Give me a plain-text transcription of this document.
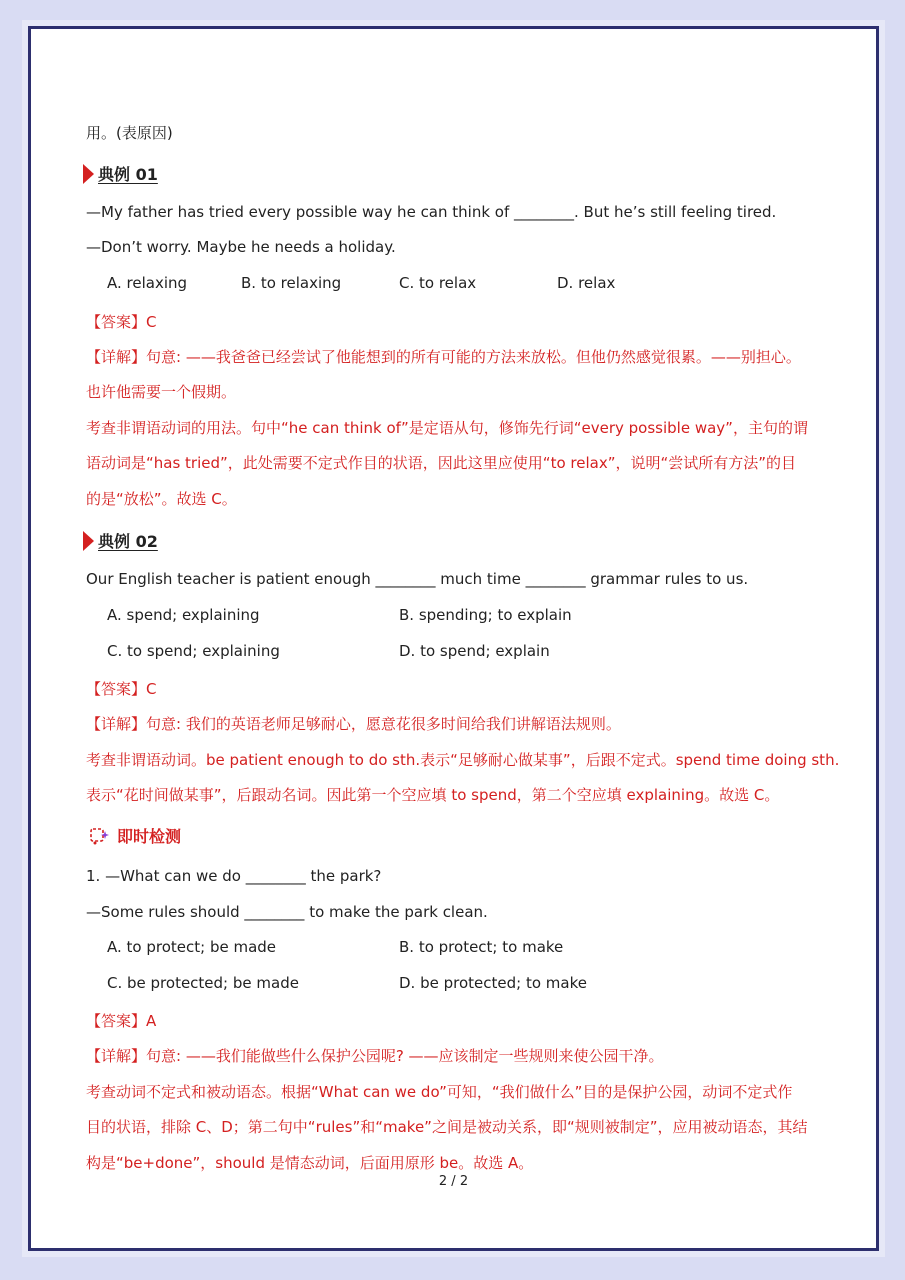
用。(表原因)
典例 01
—My father has tried every possible way he can think of ________. But he’s still feeling tired.
—Don’t worry. Maybe he needs a holiday.
A. relaxing	B. to relaxing	C. to relax	D. relax
【答案】C
【详解】句意: ——我爸爸已经尝试了他能想到的所有可能的方法来放松。但他仍然感觉很累。——别担心。
也许他需要一个假期。
考查非谓语动词的用法。句中“he can think of”是定语从句，修饰先行词“every possible way”，主句的谓
语动词是“has tried”，此处需要不定式作目的状语，因此这里应使用“to relax”，说明“尝试所有方法”的目
的是“放松”。故选 C。
典例 02
Our English teacher is patient enough ________ much time ________ grammar rules to us.
A. spend; explaining	B. spending; to explain
C. to spend; explaining	D. to spend; explain
【答案】C
【详解】句意: 我们的英语老师足够耐心，愿意花很多时间给我们讲解语法规则。
考查非谓语动词。be patient enough to do sth.表示“足够耐心做某事”，后跟不定式。spend time doing sth.
表示“花时间做某事”，后跟动名词。因此第一个空应填 to spend，第二个空应填 explaining。故选 C。
即时检测
1. —What can we do ________ the park?
—Some rules should ________ to make the park clean.
A. to protect; be made	B. to protect; to make
C. be protected; be made	D. be protected; to make
【答案】A
【详解】句意: ——我们能做些什么保护公园呢? ——应该制定一些规则来使公园干净。
考查动词不定式和被动语态。根据“What can we do”可知，“我们做什么”目的是保护公园，动词不定式作
目的状语，排除 C、D；第二句中“rules”和“make”之间是被动关系，即“规则被制定”，应用被动语态，其结
构是“be+done”，should 是情态动词，后面用原形 be。故选 A。
2 / 2
